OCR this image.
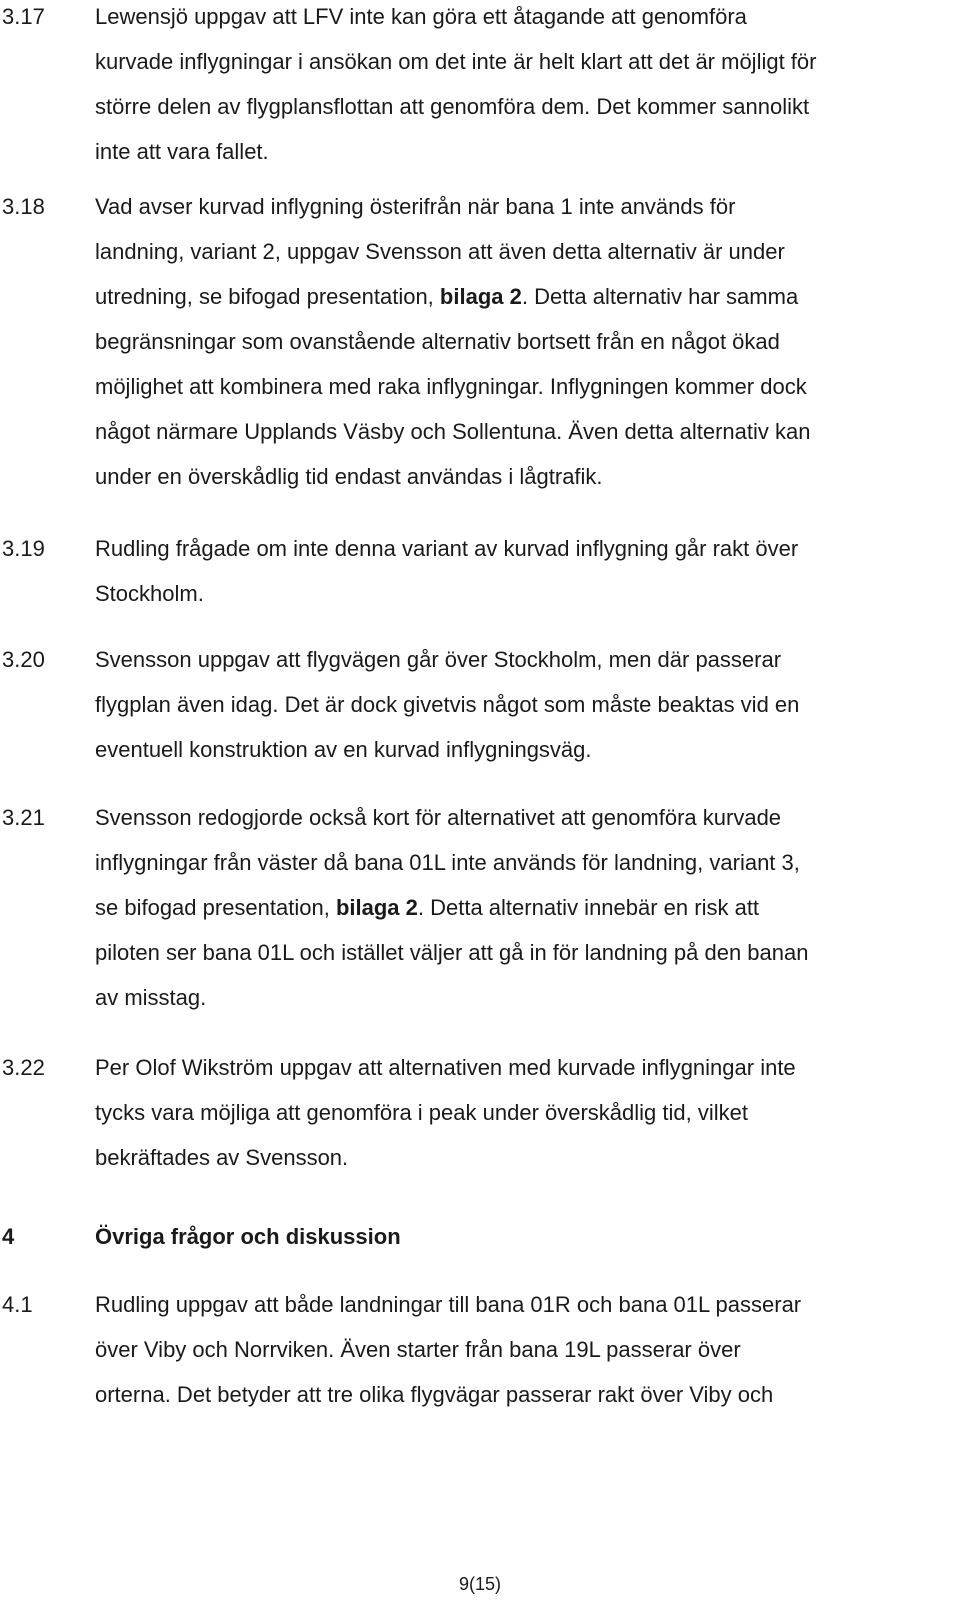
3.17	Lewensjö uppgav att LFV inte kan göra ett åtagande att genomföra
kurvade inflygningar i ansökan om det inte är helt klart att det är möjligt för
större delen av flygplansflottan att genomföra dem. Det kommer sannolikt
inte att vara fallet.
3.18	Vad avser kurvad inflygning österifrån när bana 1 inte används för
landning, variant 2, uppgav Svensson att även detta alternativ är under
utredning, se bifogad presentation, bilaga 2. Detta alternativ har samma
begränsningar som ovanstående alternativ bortsett från en något ökad
möjlighet att kombinera med raka inflygningar. Inflygningen kommer dock
något närmare Upplands Väsby och Sollentuna. Även detta alternativ kan
under en överskådlig tid endast användas i lågtrafik.
3.19	Rudling frågade om inte denna variant av kurvad inflygning går rakt över
Stockholm.
3.20	Svensson uppgav att flygvägen går över Stockholm, men där passerar
flygplan även idag. Det är dock givetvis något som måste beaktas vid en
eventuell konstruktion av en kurvad inflygningsväg.
3.21	Svensson redogjorde också kort för alternativet att genomföra kurvade
inflygningar från väster då bana 01L inte används för landning, variant 3,
se bifogad presentation, bilaga 2. Detta alternativ innebär en risk att
piloten ser bana 01L och istället väljer att gå in för landning på den banan
av misstag.
3.22	Per Olof Wikström uppgav att alternativen med kurvade inflygningar inte
tycks vara möjliga att genomföra i peak under överskådlig tid, vilket
bekräftades av Svensson.
4	Övriga frågor och diskussion
4.1	Rudling uppgav att både landningar till bana 01R och bana 01L passerar
över Viby och Norrviken. Även starter från bana 19L passerar över
orterna. Det betyder att tre olika flygvägar passerar rakt över Viby och
9(15)
